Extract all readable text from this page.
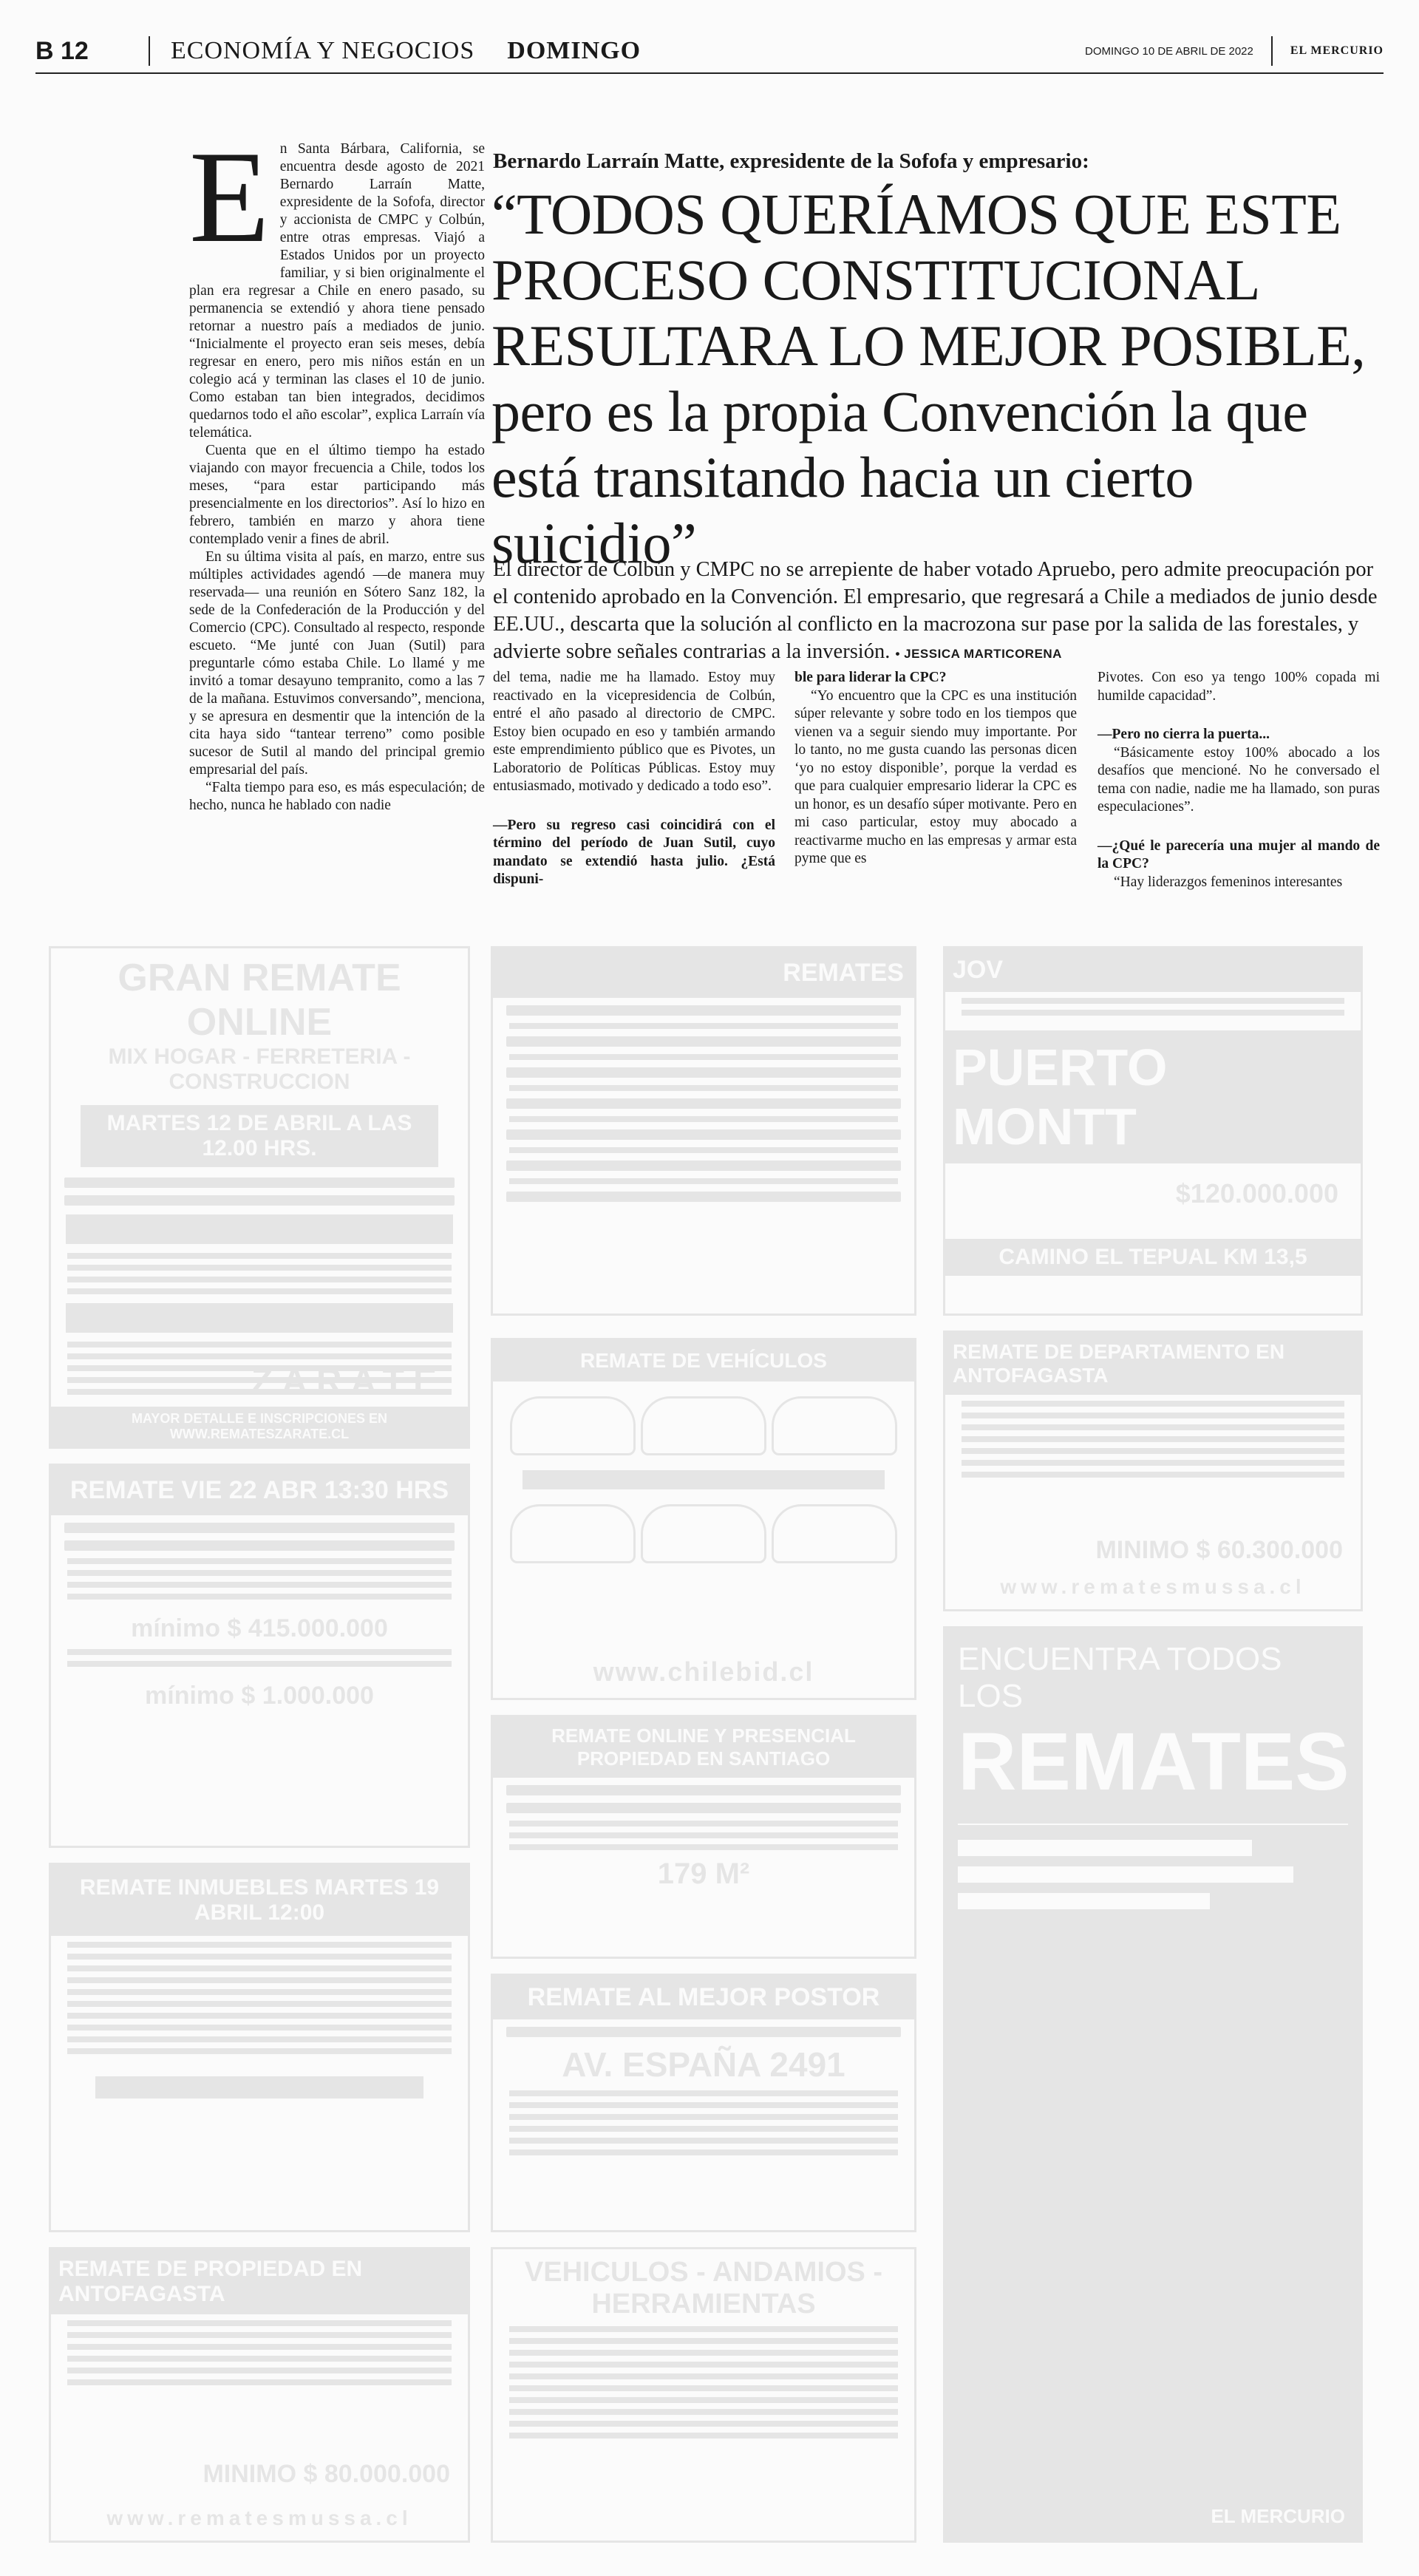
B 12	ECONOMÍA Y NEGOCIOS DOMINGO	DOMINGO 10 DE ABRIL DE 2022	EL MERCURIO
E n Santa Bárbara, California, se encuentra desde agosto de 2021 Bernardo Larraín Matte, expresidente de la Sofofa, director y accionista de CMPC y Colbún, entre otras empresas. Viajó a Estados Unidos por un proyecto familiar, y si bien originalmente el plan era regresar a Chile en enero pasado, su permanencia se extendió y ahora tiene pensado retornar a nuestro país a mediados de junio. “Inicialmente el proyecto eran seis meses, debía regresar en enero, pero mis niños están en un colegio acá y terminan las clases el 10 de junio. Como estaban tan bien integrados, decidimos quedarnos todo el año escolar”, explica Larraín vía telemática.

Cuenta que en el último tiempo ha estado viajando con mayor frecuencia a Chile, todos los meses, “para estar participando más presencialmente en los directorios”. Así lo hizo en febrero, también en marzo y ahora tiene contemplado venir a fines de abril.

En su última visita al país, en marzo, entre sus múltiples actividades agendó —de manera muy reservada— una reunión en Sótero Sanz 182, la sede de la Confederación de la Producción y del Comercio (CPC). Consultado al respecto, responde escueto. “Me junté con Juan (Sutil) para preguntarle cómo estaba Chile. Lo llamé y me invitó a tomar desayuno tempranito, como a las 7 de la mañana. Estuvimos conversando”, menciona, y se apresura en desmentir que la intención de la cita haya sido “tantear terreno” como posible sucesor de Sutil al mando del principal gremio empresarial del país.

“Falta tiempo para eso, es más especulación; de hecho, nunca he hablado con nadie

Bernardo Larraín Matte, expresidente de la Sofofa y empresario:
“TODOS QUERÍAMOS QUE ESTE PROCESO CONSTITUCIONAL RESULTARA LO MEJOR POSIBLE, pero es la propia Convención la que está transitando hacia un cierto suicidio”
El director de Colbún y CMPC no se arrepiente de haber votado Apruebo, pero admite preocupación por el contenido aprobado en la Convención. El empresario, que regresará a Chile a mediados de junio desde EE.UU., descarta que la solución al conflicto en la macrozona sur pase por la salida de las forestales, y advierte sobre señales contrarias a la inversión. • JESSICA MARTICORENA

del tema, nadie me ha llamado. Estoy muy reactivado en la vicepresidencia de Colbún, entré el año pasado al directorio de CMPC. Estoy bien ocupado en eso y también armando este emprendimiento público que es Pivotes, un Laboratorio de Políticas Públicas. Estoy muy entusiasmado, motivado y dedicado a todo eso”.

—Pero su regreso casi coincidirá con el término del período de Juan Sutil, cuyo mandato se extendió hasta julio. ¿Está dispuni-

ble para liderar la CPC?

“Yo encuentro que la CPC es una institución súper relevante y sobre todo en los tiempos que vienen va a seguir siendo muy importante. Por lo tanto, no me gusta cuando las personas dicen ‘yo no estoy disponible’, porque la verdad es que para cualquier empresario liderar la CPC es un honor, es un desafío súper motivante. Pero en mi caso particular, estoy muy abocado a reactivarme mucho en las empresas y armar esta pyme que es

Pivotes. Con eso ya tengo 100% copada mi humilde capacidad”.

—Pero no cierra la puerta...

“Básicamente estoy 100% abocado a los desafíos que mencioné. No he conversado el tema con nadie, nadie me ha llamado, son puras especulaciones”.

—¿Qué le parecería una mujer al mando de la CPC?

“Hay liderazgos femeninos interesantes

GRAN REMATE ONLINE
MIX HOGAR - FERRETERIA - CONSTRUCCION
MARTES 12 DE ABRIL A LAS 12.00 HRS.
ZARATE
MAYOR DETALLE E INSCRIPCIONES EN WWW.REMATESZARATE.CL
REMATE VIE 22 ABR 13:30 HRS
mínimo $ 415.000.000
mínimo $ 1.000.000
REMATE INMUEBLES MARTES 19 ABRIL 12:00
REMATE DE PROPIEDAD EN ANTOFAGASTA
MINIMO $ 80.000.000
www.rematesmussa.cl
REMATES
REMATE DE VEHÍCULOS
www.chilebid.cl
REMATE ONLINE Y PRESENCIAL PROPIEDAD EN SANTIAGO
179 M²
REMATE AL MEJOR POSTOR
AV. ESPAÑA 2491
VEHICULOS - ANDAMIOS - HERRAMIENTAS
JOV
PUERTO MONTT
$120.000.000
CAMINO EL TEPUAL KM 13,5
REMATE DE DEPARTAMENTO EN ANTOFAGASTA
MINIMO $ 60.300.000
www.rematesmussa.cl
ENCUENTRA TODOS LOS
REMATES
EL MERCURIO
